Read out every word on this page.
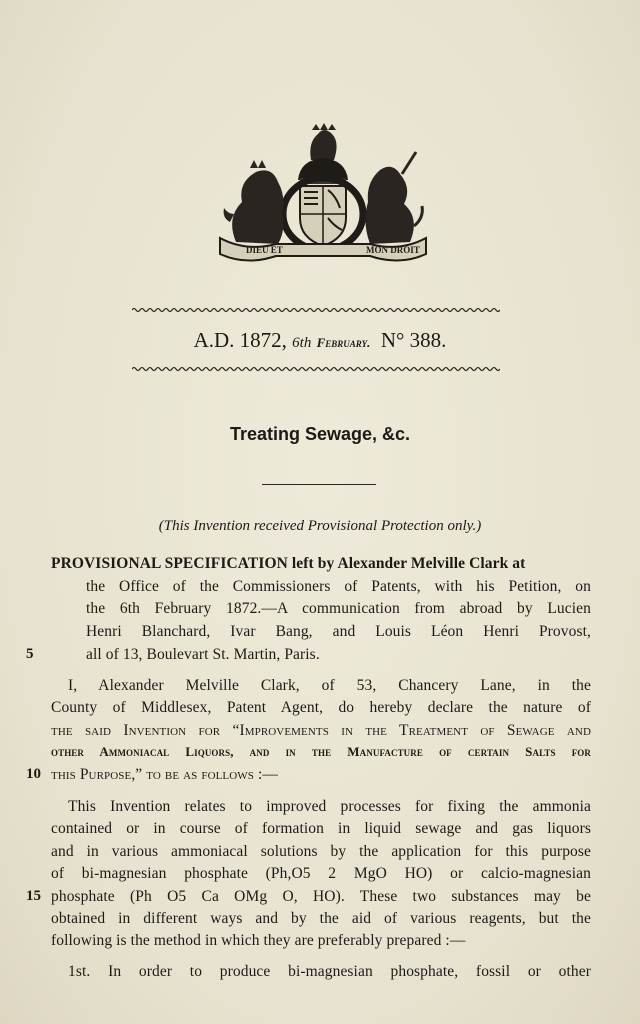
DIEU ET	MON DROIT
A.D. 1872, 6th February. N° 388.
Treating Sewage, &c.
(This Invention received Provisional Protection only.)
PROVISIONAL SPECIFICATION left by Alexander Melville Clark at
the Office of the Commissioners of Patents, with his Petition, on
the 6th February 1872.—A communication from abroad by Lucien
Henri Blanchard, Ivar Bang, and Louis Léon Henri Provost,
5	all of 13, Boulevart St. Martin, Paris.
I, Alexander Melville Clark, of 53, Chancery Lane, in the
County of Middlesex, Patent Agent, do hereby declare the nature of
the said Invention for “Improvements in the Treatment of Sewage and
other Ammoniacal Liquors, and in the Manufacture of certain Salts for
10 this Purpose,” to be as follows :—
This Invention relates to improved processes for fixing the ammonia
contained or in course of formation in liquid sewage and gas liquors
and in various ammoniacal solutions by the application for this purpose
of bi-magnesian phosphate (Ph,O5 2 MgO HO) or calcio-magnesian
15 phosphate (Ph O5 Ca OMg O, HO). These two substances may be
obtained in different ways and by the aid of various reagents, but the
following is the method in which they are preferably prepared :—
1st. In order to produce bi-magnesian phosphate, fossil or other
